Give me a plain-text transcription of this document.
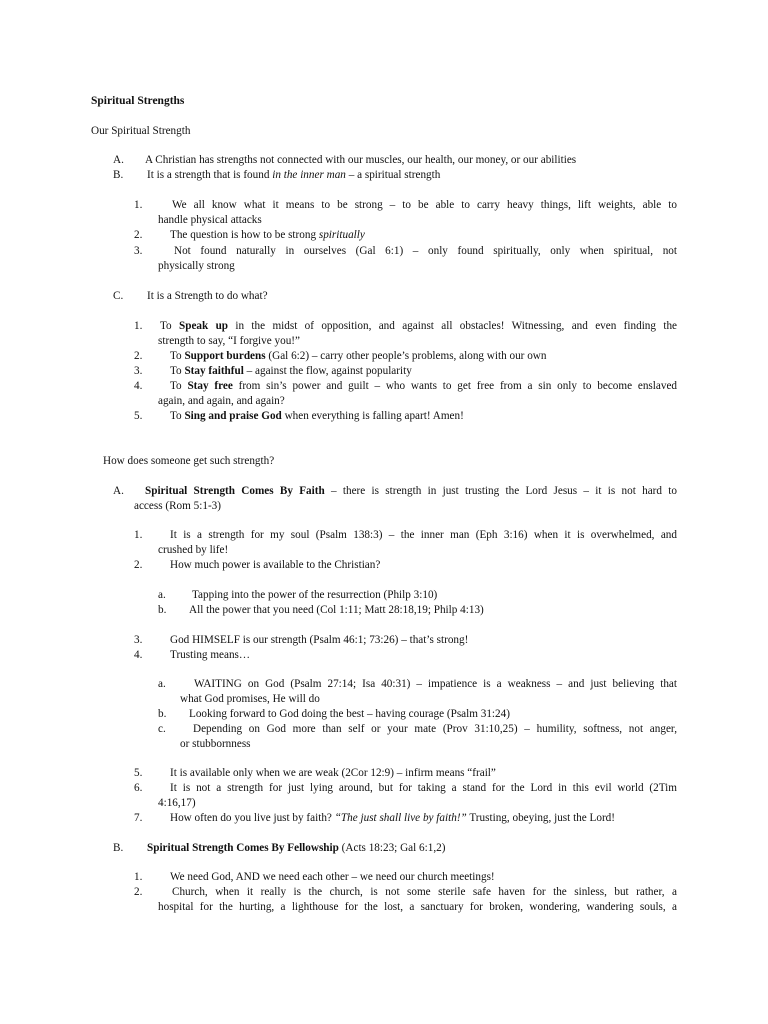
Spiritual Strengths
Our Spiritual Strength
A. A Christian has strengths not connected with our muscles, our health, our money, or our abilities
B. It is a strength that is found in the inner man – a spiritual strength
1.	We all know what it means to be strong – to be able to carry heavy things, lift weights, able to
handle physical attacks
2. The question is how to be strong spiritually
3.	Not found naturally in ourselves (Gal 6:1) – only found spiritually, only when spiritual, not
physically strong
C. It is a Strength to do what?
1. To Speak up in the midst of opposition, and against all obstacles! Witnessing, and even finding the
strength to say, “I forgive you!”
2. To Support burdens (Gal 6:2) – carry other people’s problems, along with our own
3. To Stay faithful – against the flow, against popularity
4. To Stay free from sin’s power and guilt – who wants to get free from a sin only to become enslaved
again, and again, and again?
5. To Sing and praise God when everything is falling apart! Amen!
How does someone get such strength?
A. Spiritual Strength Comes By Faith – there is strength in just trusting the Lord Jesus – it is not hard to
access (Rom 5:1-3)
1. It is a strength for my soul (Psalm 138:3) – the inner man (Eph 3:16) when it is overwhelmed, and
crushed by life!
2. How much power is available to the Christian?
a. Tapping into the power of the resurrection (Philp 3:10)
b. All the power that you need (Col 1:11; Matt 28:18,19; Philp 4:13)
3. God HIMSELF is our strength (Psalm 46:1; 73:26) – that’s strong!
4. Trusting means…
a.	WAITING on God (Psalm 27:14; Isa 40:31) – impatience is a weakness – and just believing that
what God promises, He will do
b. Looking forward to God doing the best – having courage (Psalm 31:24)
c. Depending on God more than self or your mate (Prov 31:10,25) – humility, softness, not anger,
or stubbornness
5. It is available only when we are weak (2Cor 12:9) – infirm means “frail”
6. It is not a strength for just lying around, but for taking a stand for the Lord in this evil world (2Tim
4:16,17)
7. How often do you live just by faith? “The just shall live by faith!” Trusting, obeying, just the Lord!
B. Spiritual Strength Comes By Fellowship (Acts 18:23; Gal 6:1,2)
1. We need God, AND we need each other – we need our church meetings!
2.	Church, when it really is the church, is not some sterile safe haven for the sinless, but rather, a
hospital for the hurting, a lighthouse for the lost, a sanctuary for broken, wondering, wandering souls, a
